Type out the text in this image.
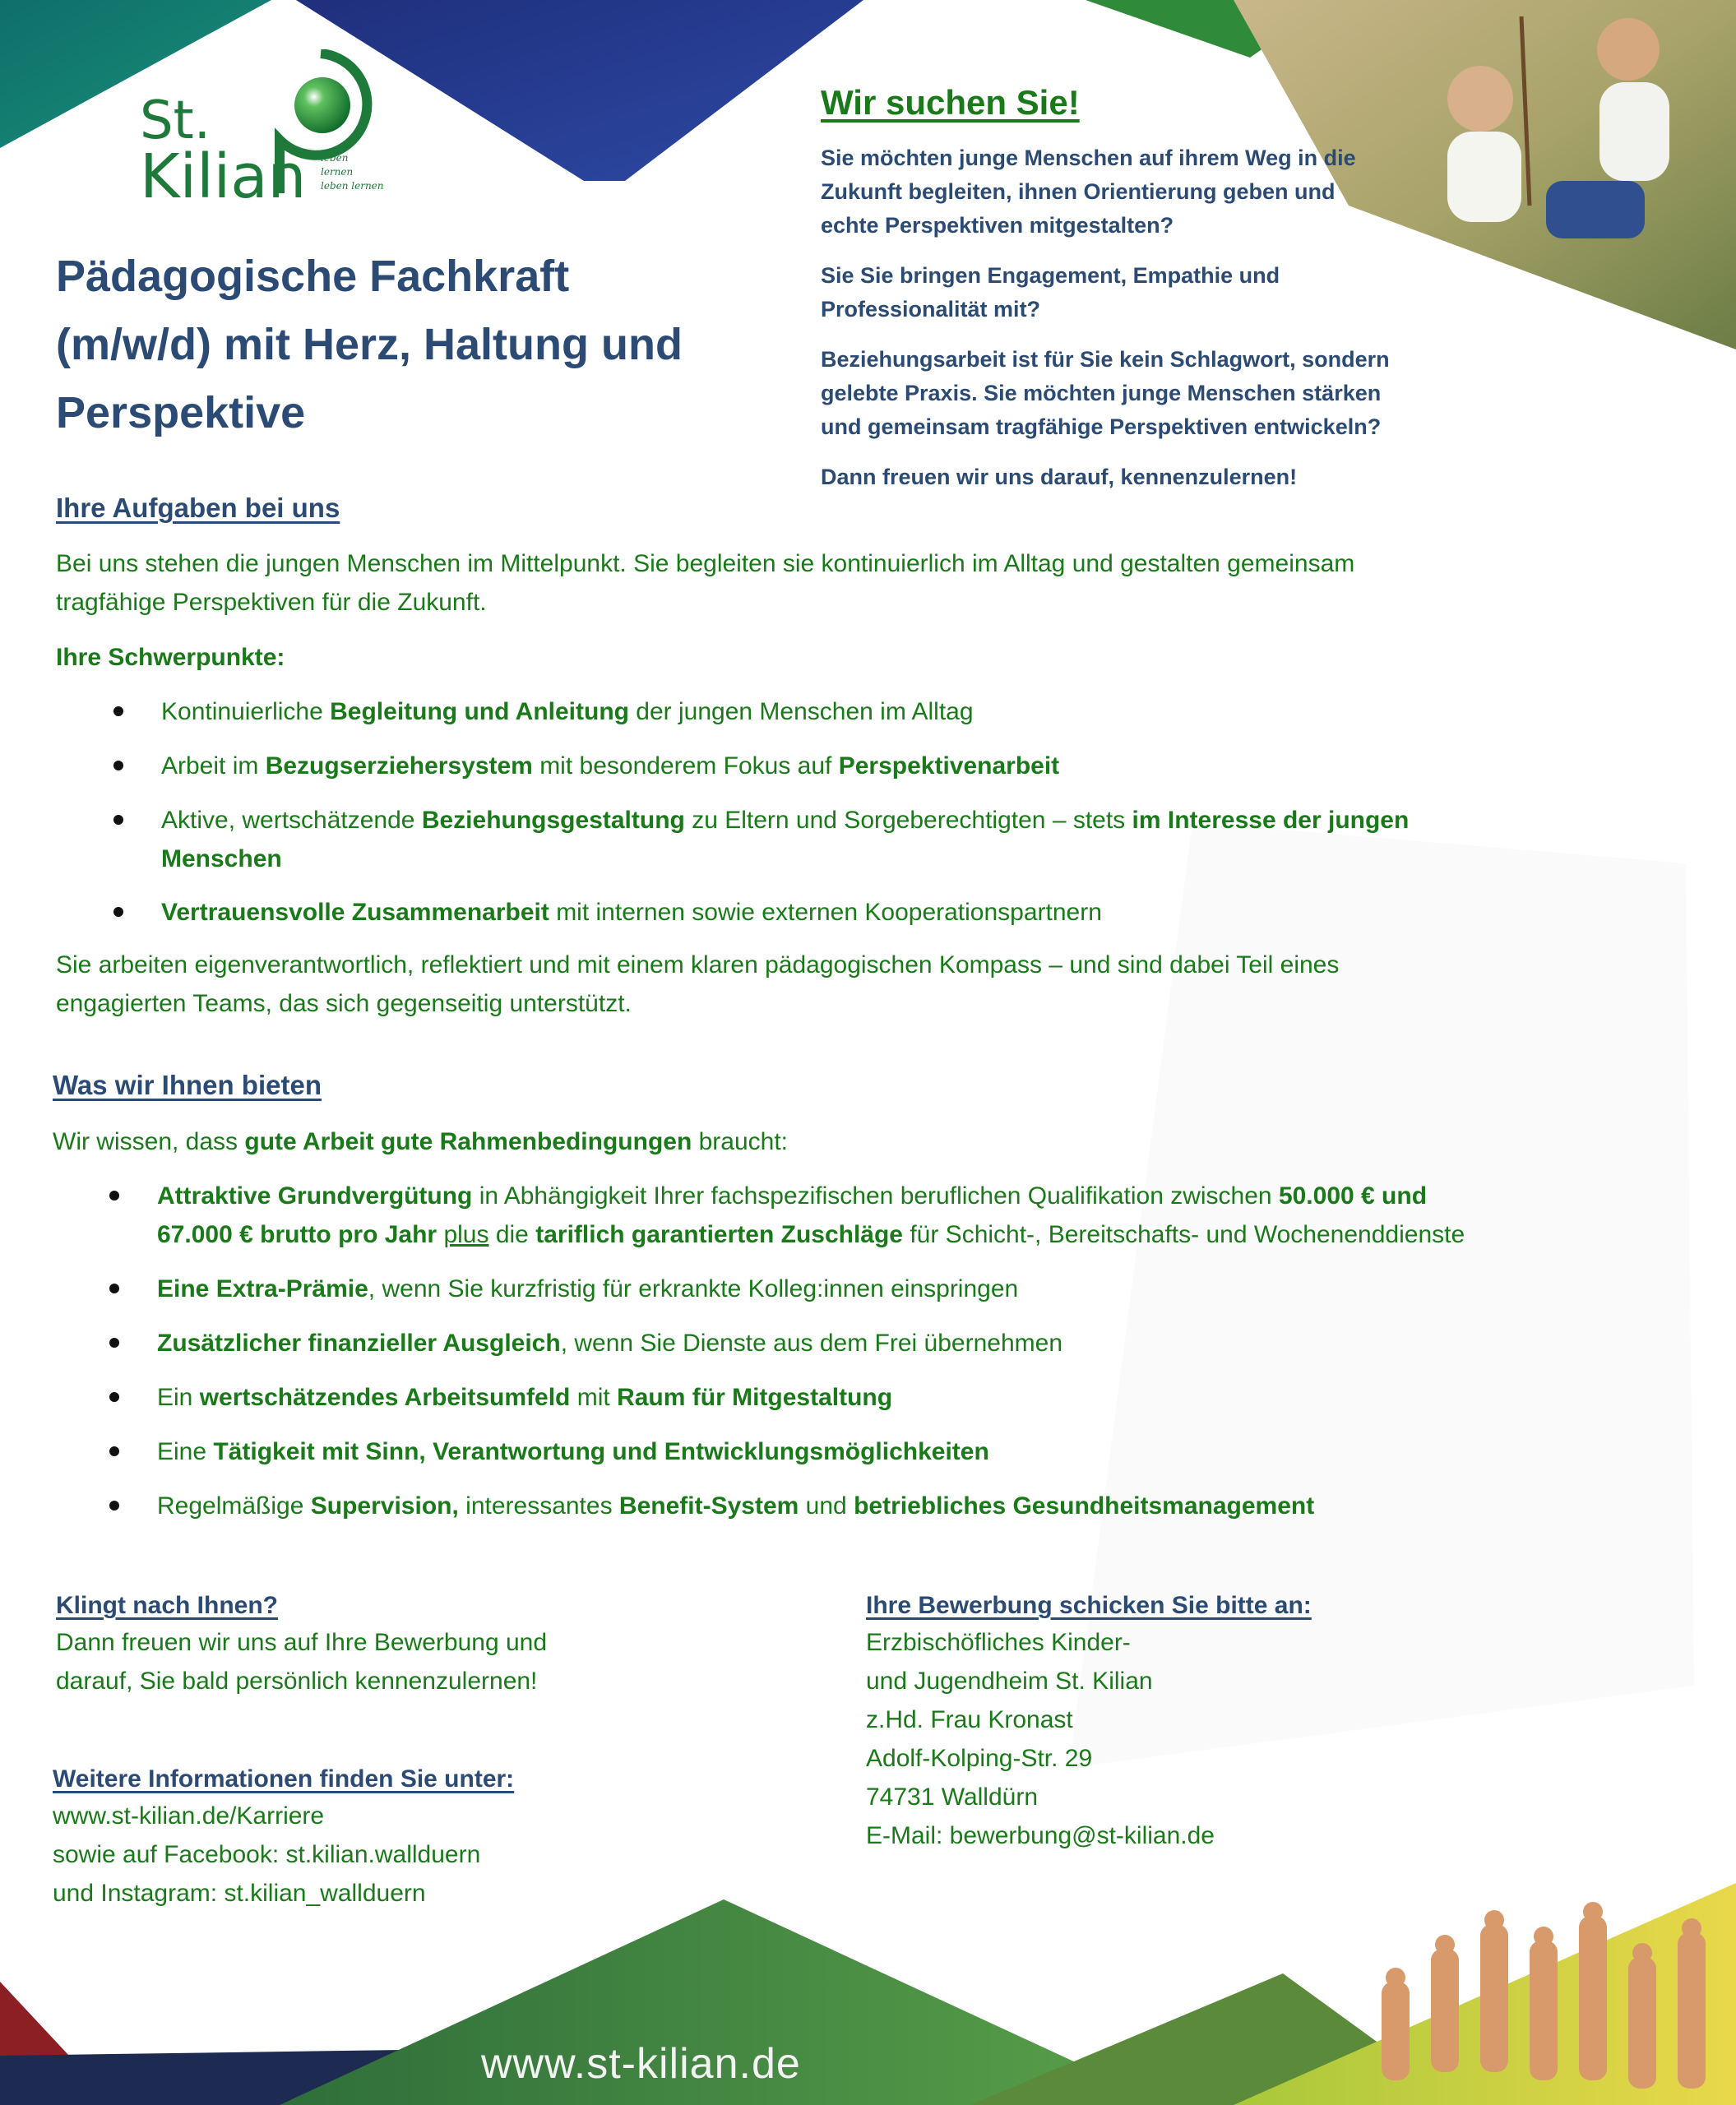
St.
Kilian leben
lernen
leben lernen
Pädagogische Fachkraft
(m/w/d) mit Herz, Haltung und
Perspektive
Wir suchen Sie!
Sie möchten junge Menschen auf ihrem Weg in die
Zukunft begleiten, ihnen Orientierung geben und
echte Perspektiven mitgestalten?
Sie Sie bringen Engagement, Empathie und
Professionalität mit?
Beziehungsarbeit ist für Sie kein Schlagwort, sondern
gelebte Praxis. Sie möchten junge Menschen stärken
und gemeinsam tragfähige Perspektiven entwickeln?
Dann freuen wir uns darauf, kennenzulernen!
Ihre Aufgaben bei uns
Bei uns stehen die jungen Menschen im Mittelpunkt. Sie begleiten sie kontinuierlich im Alltag und gestalten gemeinsam
tragfähige Perspektiven für die Zukunft.
Ihre Schwerpunkte:
Kontinuierliche Begleitung und Anleitung der jungen Menschen im Alltag
Arbeit im Bezugserziehersystem mit besonderem Fokus auf Perspektivenarbeit
Aktive, wertschätzende Beziehungsgestaltung zu Eltern und Sorgeberechtigten – stets im Interesse der jungen
Menschen
Vertrauensvolle Zusammenarbeit mit internen sowie externen Kooperationspartnern
Sie arbeiten eigenverantwortlich, reflektiert und mit einem klaren pädagogischen Kompass – und sind dabei Teil eines
engagierten Teams, das sich gegenseitig unterstützt.
Was wir Ihnen bieten
Wir wissen, dass gute Arbeit gute Rahmenbedingungen braucht:
Attraktive Grundvergütung in Abhängigkeit Ihrer fachspezifischen beruflichen Qualifikation zwischen 50.000 € und
67.000 € brutto pro Jahr plus die tariflich garantierten Zuschläge für Schicht-, Bereitschafts- und Wochenenddienste
Eine Extra-Prämie, wenn Sie kurzfristig für erkrankte Kolleg:innen einspringen
Zusätzlicher finanzieller Ausgleich, wenn Sie Dienste aus dem Frei übernehmen
Ein wertschätzendes Arbeitsumfeld mit Raum für Mitgestaltung
Eine Tätigkeit mit Sinn, Verantwortung und Entwicklungsmöglichkeiten
Regelmäßige Supervision, interessantes Benefit-System und betriebliches Gesundheitsmanagement
Klingt nach Ihnen?
Dann freuen wir uns auf Ihre Bewerbung und
darauf, Sie bald persönlich kennenzulernen!
Weitere Informationen finden Sie unter:
www.st-kilian.de/Karriere
sowie auf Facebook: st.kilian.wallduern
und Instagram: st.kilian_wallduern
Ihre Bewerbung schicken Sie bitte an:
Erzbischöfliches Kinder-
und Jugendheim St. Kilian
z.Hd. Frau Kronast
Adolf-Kolping-Str. 29
74731 Walldürn
E-Mail: bewerbung@st-kilian.de
www.st-kilian.de
